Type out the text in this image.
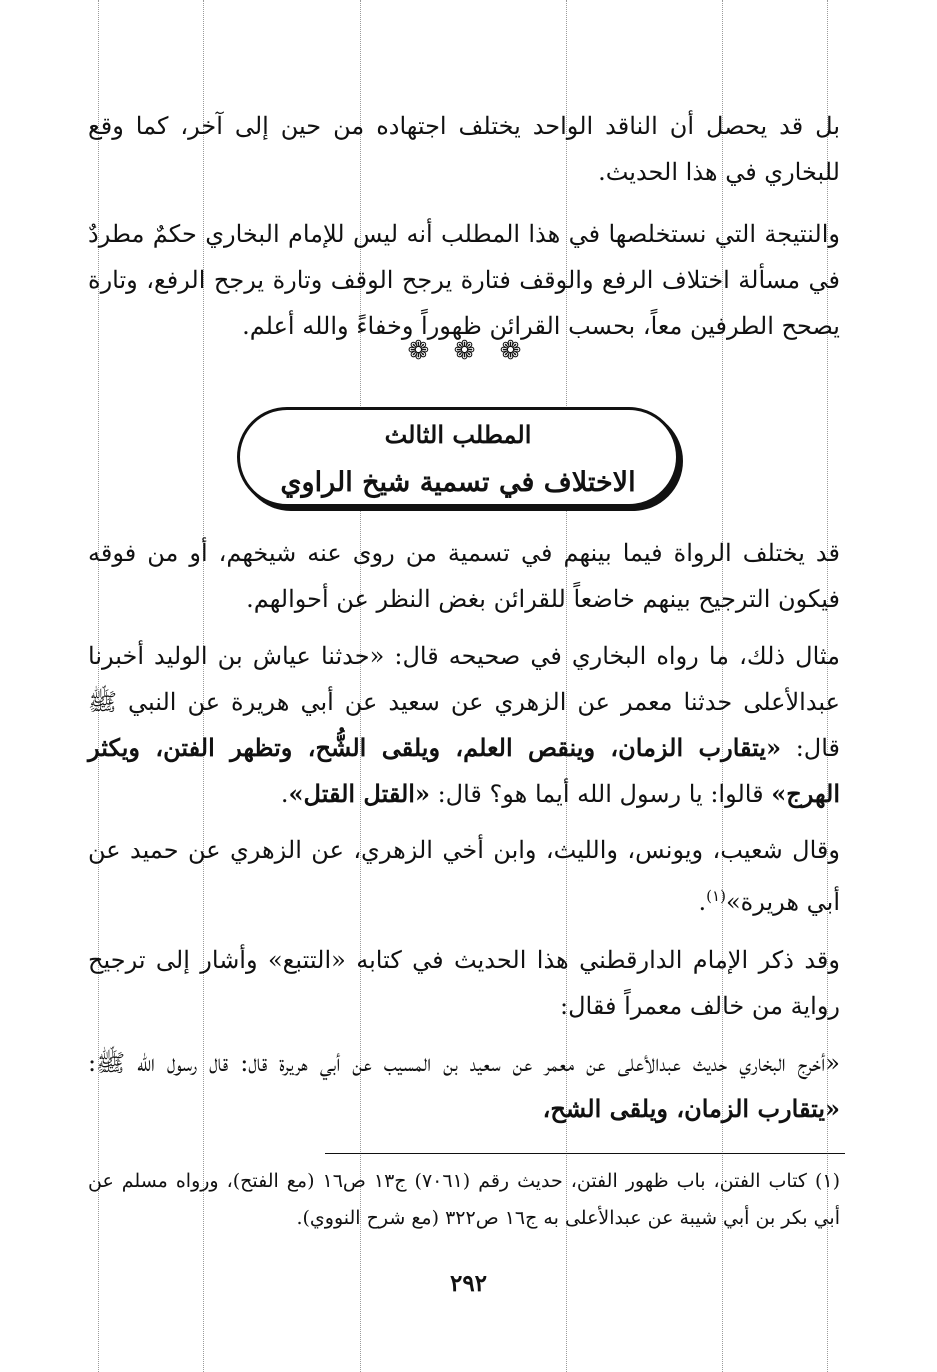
بل قد يحصل أن الناقد الواحد يختلف اجتهاده من حين إلى آخر، كما وقع للبخاري في هذا الحديث.

والنتيجة التي نستخلصها في هذا المطلب أنه ليس للإمام البخاري حكمٌ مطردٌ في مسألة اختلاف الرفع والوقف فتارة يرجح الوقف وتارة يرجح الرفع، وتارة يصحح الطرفين معاً، بحسب القرائن ظهوراً وخفاءً والله أعلم.

❁ ❁ ❁
المطلب الثالث
الاختلاف في تسمية شيخ الراوي

قد يختلف الرواة فيما بينهم في تسمية من روى عنه شيخهم، أو من فوقه فيكون الترجيح بينهم خاضعاً للقرائن بغض النظر عن أحوالهم.

مثال ذلك، ما رواه البخاري في صحيحه قال: «حدثنا عياش بن الوليد أخبرنا عبدالأعلى حدثنا معمر عن الزهري عن سعيد عن أبي هريرة عن النبي ﷺ قال: «يتقارب الزمان، وينقص العلم، ويلقى الشُّح، وتظهر الفتن، ويكثر الهرج» قالوا: يا رسول الله أيما هو؟ قال: «القتل القتل».

وقال شعيب، ويونس، والليث، وابن أخي الزهري، عن الزهري عن حميد عن أبي هريرة»$^{(١)}$.

وقد ذكر الإمام الدارقطني هذا الحديث في كتابه «التتبع» وأشار إلى ترجيح رواية من خالف معمراً فقال:

«أخرج البخاري حديث عبدالأعلى عن معمر عن سعيد بن المسيب عن أبي هريرة قال: قال رسول الله ﷺ: «يتقارب الزمان، ويلقى الشح،

(١) كتاب الفتن، باب ظهور الفتن، حديث رقم (٧٠٦١) ج١٣ ص١٦ (مع الفتح)، ورواه مسلم عن أبي بكر بن أبي شيبة عن عبدالأعلى به ج١٦ ص٣٢٢ (مع شرح النووي).

٢٩٢
